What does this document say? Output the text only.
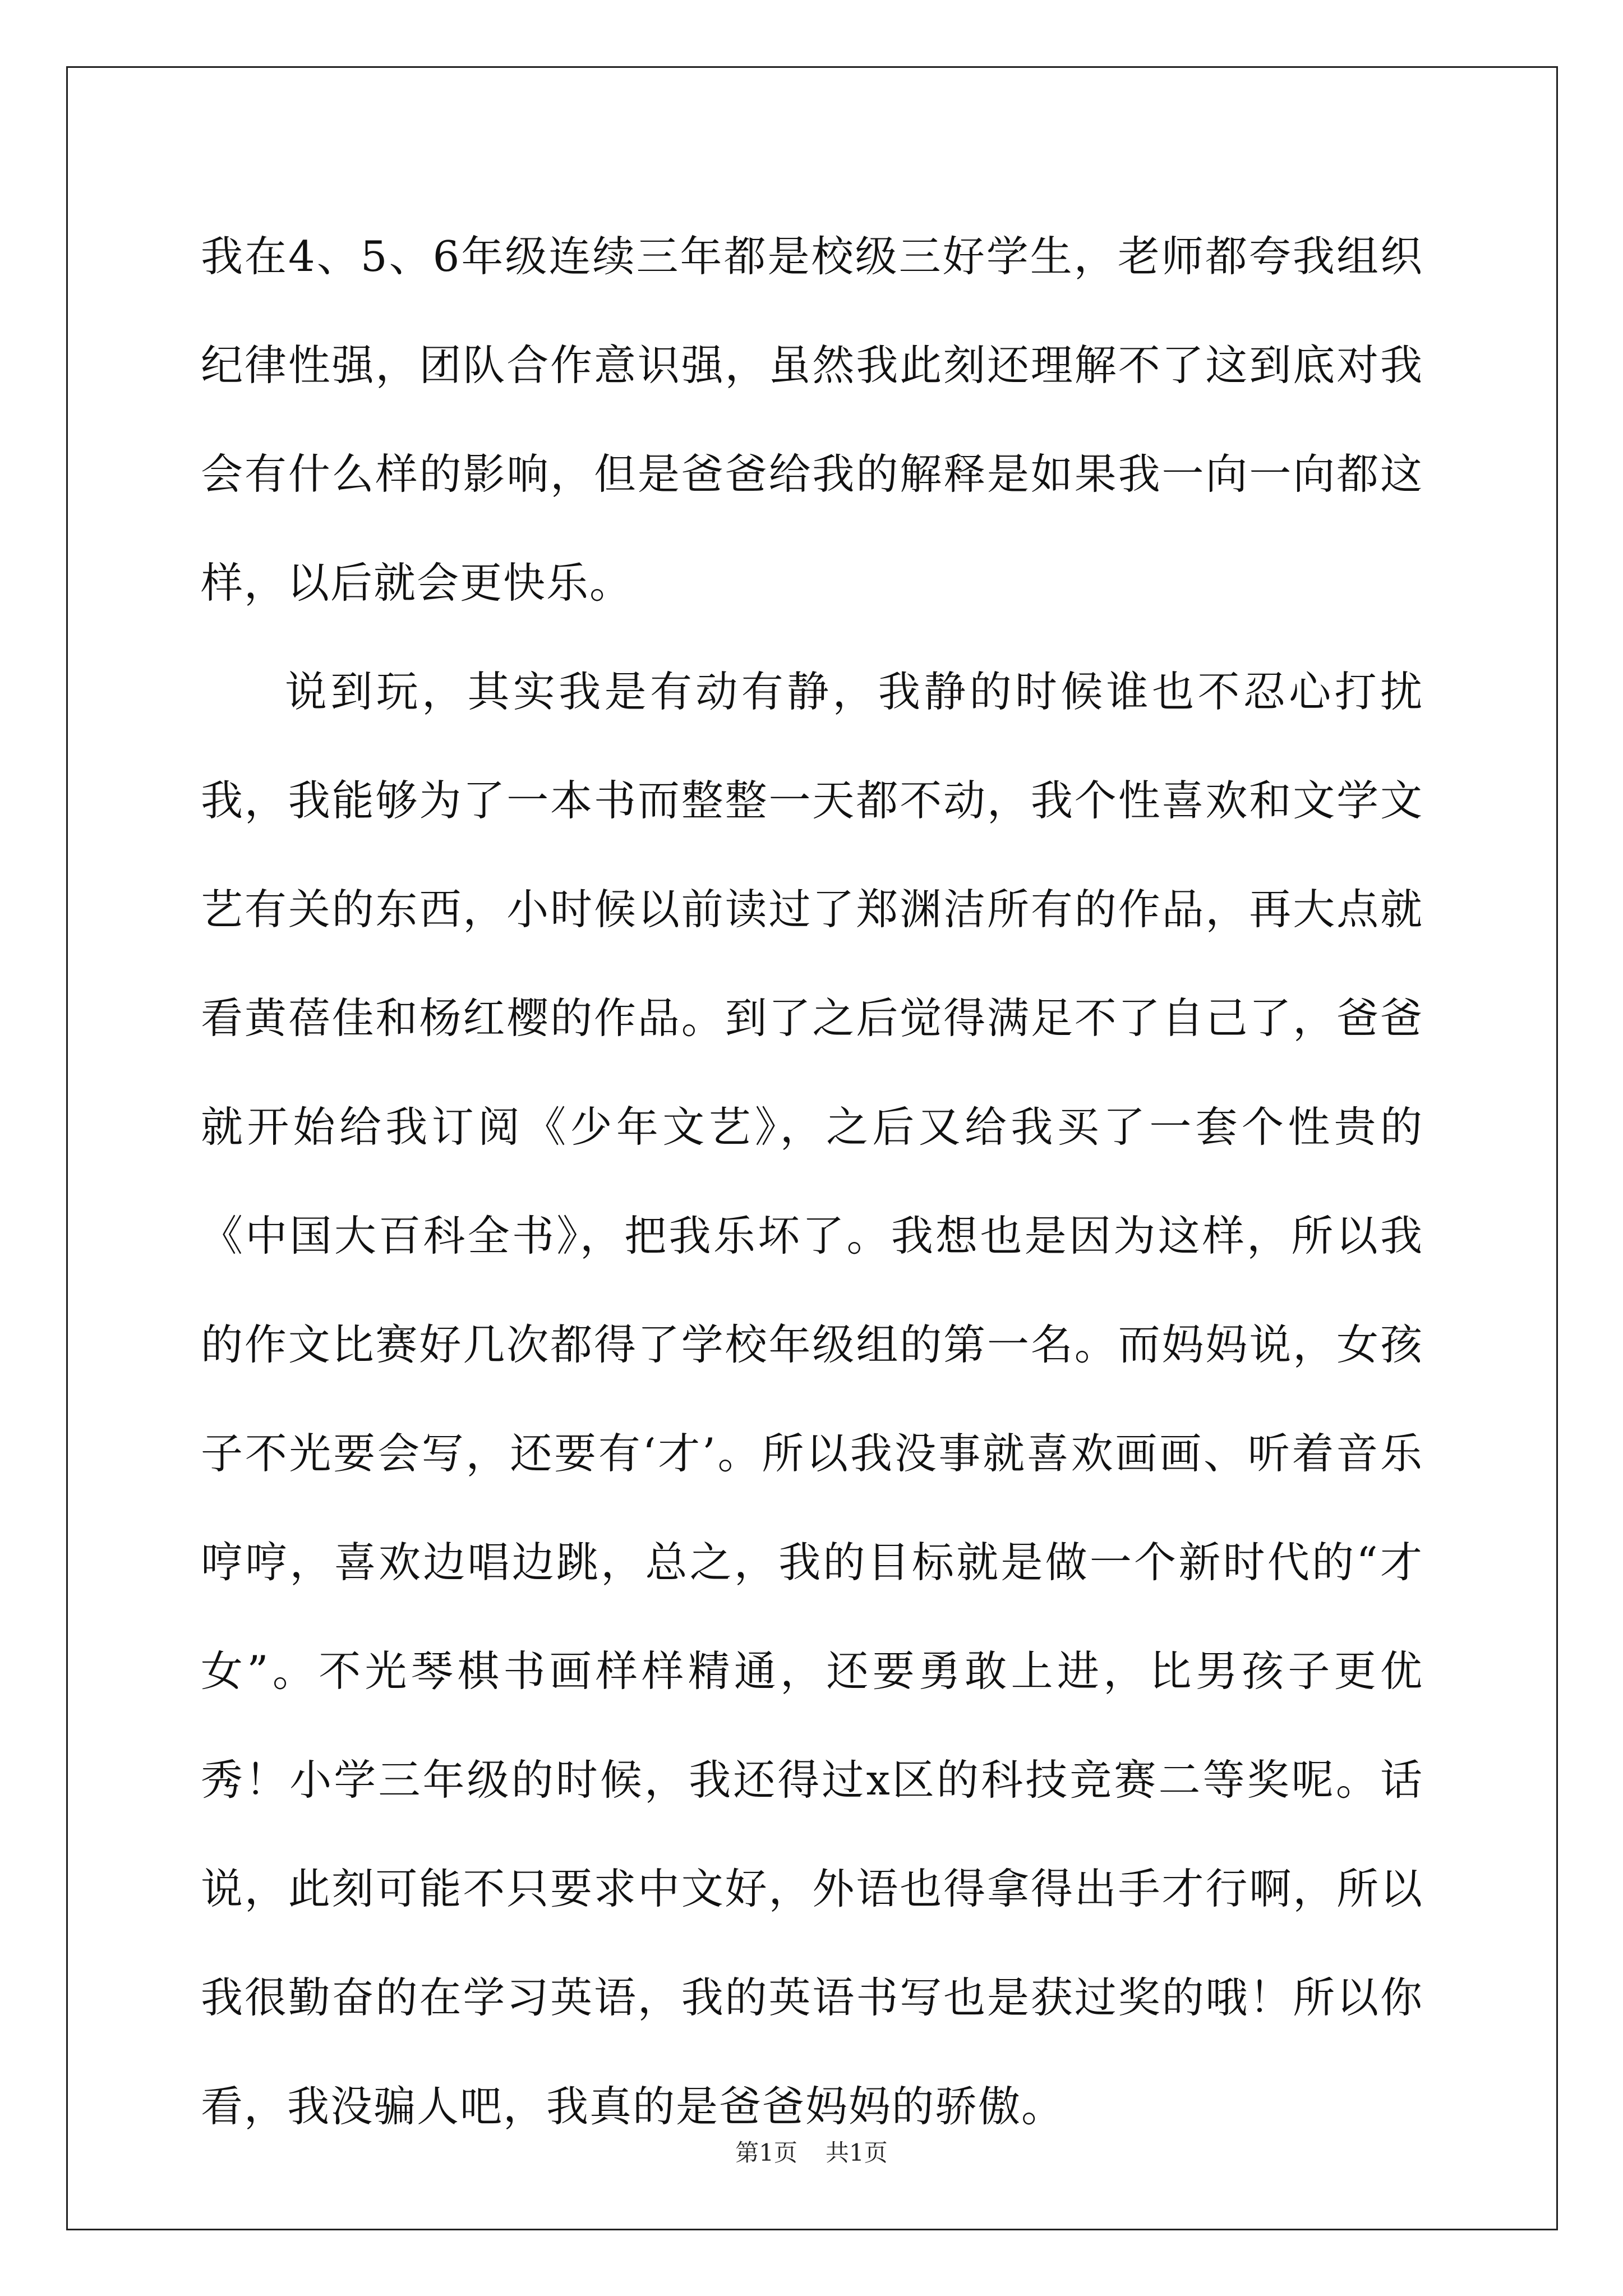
我在4、5、6年级连续三年都是校级三好学生，老师都夸我组织纪律性强，团队合作意识强，虽然我此刻还理解不了这到底对我会有什么样的影响，但是爸爸给我的解释是如果我一向一向都这样，以后就会更快乐。

说到玩，其实我是有动有静，我静的时候谁也不忍心打扰我，我能够为了一本书而整整一天都不动，我个性喜欢和文学文艺有关的东西，小时候以前读过了郑渊洁所有的作品，再大点就看黄蓓佳和杨红樱的作品。到了之后觉得满足不了自己了，爸爸就开始给我订阅《少年文艺》，之后又给我买了一套个性贵的《中国大百科全书》，把我乐坏了。我想也是因为这样，所以我的作文比赛好几次都得了学校年级组的第一名。而妈妈说，女孩子不光要会写，还要有‘才’。所以我没事就喜欢画画、听着音乐哼哼，喜欢边唱边跳，总之，我的目标就是做一个新时代的“才女”。不光琴棋书画样样精通，还要勇敢上进，比男孩子更优秀！小学三年级的时候，我还得过x区的科技竞赛二等奖呢。话说，此刻可能不只要求中文好，外语也得拿得出手才行啊，所以我很勤奋的在学习英语，我的英语书写也是获过奖的哦！所以你看，我没骗人吧，我真的是爸爸妈妈的骄傲。

第1页 共1页
